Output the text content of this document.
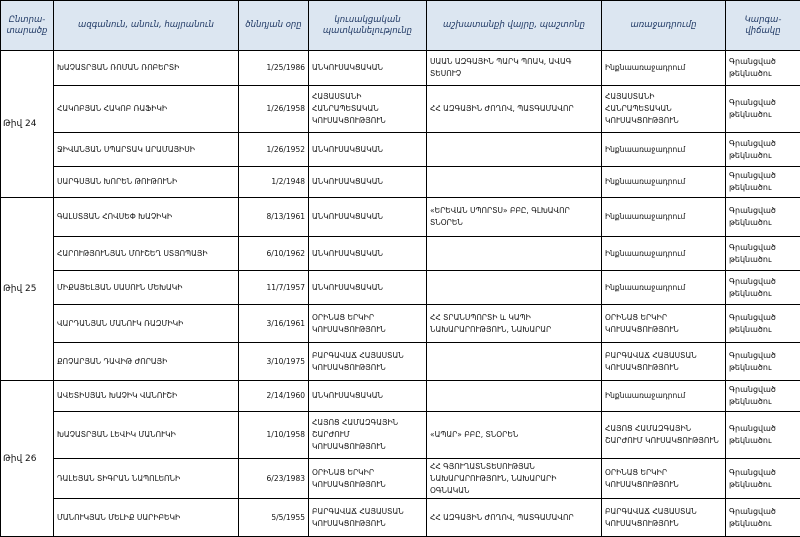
Ընտրա-տարածք	ազգանուն, անուն, հայրանուն	ծննդյան օրը	կուսակցական պատկանելությունը	աշխատանքի վայրը, պաշտոնը	առաջադրումը	Կարգա-վիճակը
Թիվ 24	ԽԱՉԱՏՐՅԱՆ ՌՈՄԱՆ ՌՈԲԵՐՏԻ	1/25/1986	ԱՆԿՈՒՍԱԿՑԱԿԱՆ	ՍԱԱՆ ԱԶԳԱՅԻՆ ՊԱՐԿ ՊՈԱԿ, ԱՎԱԳ ՏԵՍՈՒՉ	Ինքնաառաջադրում	Գրանցված թեկնածու
	ՀԱԿՈԲՅԱՆ ՀԱԿՈԲ ՌԱՖԻԿԻ	1/26/1958	ՀԱՅԱՍՏԱՆԻ ՀԱՆՐԱՊԵՏԱԿԱՆ ԿՈՒՍԱԿՑՈՒԹՅՈՒՆ	ՀՀ ԱԶԳԱՅԻՆ ԺՈՂՈՎ, ՊԱՏԳԱՄԱՎՈՐ	ՀԱՅԱՍՏԱՆԻ ՀԱՆՐԱՊԵՏԱԿԱՆ ԿՈՒՍԱԿՑՈՒԹՅՈՒՆ	Գրանցված թեկնածու
	ՋԻՎԱՆՅԱՆ ՍՊԱՐՏԱԿ ԱՐԱՄԱՅԻՍԻ	1/26/1952	ԱՆԿՈՒՍԱԿՑԱԿԱՆ		Ինքնաառաջադրում	Գրանցված թեկնածու
	ՍԱՐԳՍՅԱՆ ԽՈՐԵՆ ԹՈՒԹՈՒՆԻ	1/2/1948	ԱՆԿՈՒՍԱԿՑԱԿԱՆ		Ինքնաառաջադրում	Գրանցված թեկնածու
Թիվ 25	ԳԱԼՍՏՅԱՆ ՀՈՎՍԵՓ ԽԱՉԻԿԻ	8/13/1961	ԱՆԿՈՒՍԱԿՑԱԿԱՆ	«ԵՐԵՎԱՆ ՍՊՈՐՏՍ» ԲԲԸ, ԳԼԽԱՎՈՐ ՏՆՕՐԵՆ	Ինքնաառաջադրում	Գրանցված թեկնածու
	ՀԱՐՈՒԹՅՈՒՆՅԱՆ ՄՈՒՇԵՂ ՍՏՅՈՊԱՅԻ	6/10/1962	ԱՆԿՈՒՍԱԿՑԱԿԱՆ		Ինքնաառաջադրում	Գրանցված թեկնածու
	ՄԻՔԱՅԵԼՅԱՆ ՍԱՍՈՒՆ ՄԵԽԱԿԻ	11/7/1957	ԱՆԿՈՒՍԱԿՑԱԿԱՆ		Ինքնաառաջադրում	Գրանցված թեկնածու
	ՎԱՐԴԱՆՅԱՆ ՄԱՆՈՒԿ ՌԱԶՄԻԿԻ	3/16/1961	ՕՐԻՆԱՑ ԵՐԿԻՐ ԿՈՒՍԱԿՑՈՒԹՅՈՒՆ	ՀՀ ՏՐԱՆՍՊՈՐՏԻ և ԿԱՊԻ ՆԱԽԱՐԱՐՈՒԹՅՈՒՆ, ՆԱԽԱՐԱՐ	ՕՐԻՆԱՑ ԵՐԿԻՐ ԿՈՒՍԱԿՑՈՒԹՅՈՒՆ	Գրանցված թեկնածու
	ՔՈՉԱՐՅԱՆ ԴԱՎԻԹ ԺՈՐԱՅԻ	3/10/1975	ԲԱՐԳԱՎԱՃ ՀԱՅԱՍՏԱՆ ԿՈՒՍԱԿՑՈՒԹՅՈՒՆ		ԲԱՐԳԱՎԱՃ ՀԱՅԱՍՏԱՆ ԿՈՒՍԱԿՑՈՒԹՅՈՒՆ	Գրանցված թեկնածու
Թիվ 26	ԱՎԵՏԻՍՅԱՆ ԽԱՉԻԿ ՎԱՆՈՒՇԻ	2/14/1960	ԱՆԿՈՒՍԱԿՑԱԿԱՆ		Ինքնաառաջադրում	Գրանցված թեկնածու
	ԽԱՉԱՏՐՅԱՆ ԼԵՎԻԿ ՄԱՆՈՒԿԻ	1/10/1958	ՀԱՅՈՑ ՀԱՄԱԶԳԱՅԻՆ ՇԱՐԺՈՒՄ ԿՈՒՍԱԿՑՈՒԹՅՈՒՆ	«ԱՊԱՐ» ԲԲԸ, ՏՆՕՐԵՆ	ՀԱՅՈՑ ՀԱՄԱԶԳԱՅԻՆ ՇԱՐԺՈՒՄ ԿՈՒՍԱԿՑՈՒԹՅՈՒՆ	Գրանցված թեկնածու
	ԴԱԼԵՅԱՆ ՏԻԳՐԱՆ ՆԱՊՈԼԵՈՆԻ	6/23/1983	ՕՐԻՆԱՑ ԵՐԿԻՐ ԿՈՒՍԱԿՑՈՒԹՅՈՒՆ	ՀՀ ԳՅՈՒՂԱՏՆՏԵՍՈՒԹՅԱՆ ՆԱԽԱՐԱՐՈՒԹՅՈՒՆ, ՆԱԽԱՐԱՐԻ ՕԳՆԱԿԱՆ	ՕՐԻՆԱՑ ԵՐԿԻՐ ԿՈՒՍԱԿՑՈՒԹՅՈՒՆ	Գրանցված թեկնածու
	ՄԱՆՈՒԿՅԱՆ ՄԵԼԻՔ ՍԱՐԻԲԵԿԻ	5/5/1955	ԲԱՐԳԱՎԱՃ ՀԱՅԱՍՏԱՆ ԿՈՒՍԱԿՑՈՒԹՅՈՒՆ	ՀՀ ԱԶԳԱՅԻՆ ԺՈՂՈՎ, ՊԱՏԳԱՄԱՎՈՐ	ԲԱՐԳԱՎԱՃ ՀԱՅԱՍՏԱՆ ԿՈՒՍԱԿՑՈՒԹՅՈՒՆ	Գրանցված թեկնածու
